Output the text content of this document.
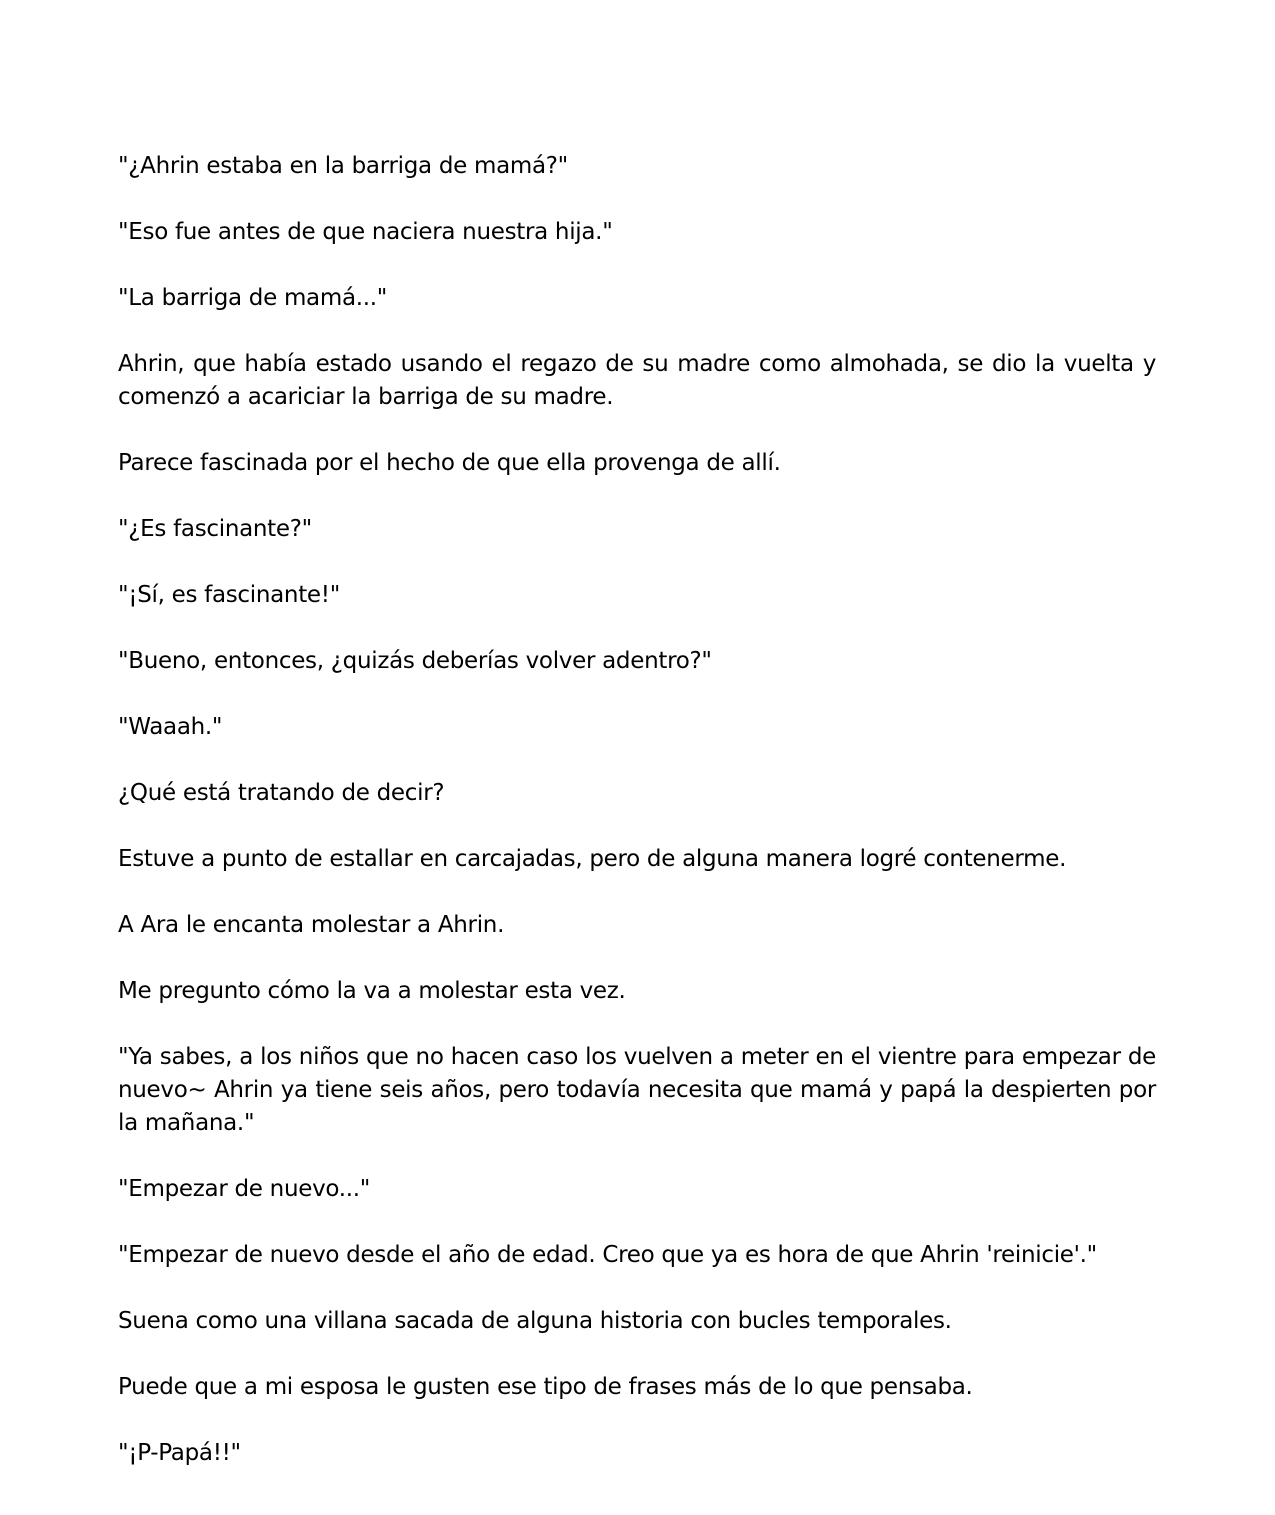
"¿Ahrin estaba en la barriga de mamá?"

"Eso fue antes de que naciera nuestra hija."

"La barriga de mamá..."

Ahrin, que había estado usando el regazo de su madre como almohada, se dio la vuelta y comenzó a acariciar la barriga de su madre.

Parece fascinada por el hecho de que ella provenga de allí.

"¿Es fascinante?"

"¡Sí, es fascinante!"

"Bueno, entonces, ¿quizás deberías volver adentro?"

"Waaah."

¿Qué está tratando de decir?

Estuve a punto de estallar en carcajadas, pero de alguna manera logré contenerme.

A Ara le encanta molestar a Ahrin.

Me pregunto cómo la va a molestar esta vez.

"Ya sabes, a los niños que no hacen caso los vuelven a meter en el vientre para empezar de nuevo~ Ahrin ya tiene seis años, pero todavía necesita que mamá y papá la despierten por la mañana."

"Empezar de nuevo..."

"Empezar de nuevo desde el año de edad. Creo que ya es hora de que Ahrin 'reinicie'."

Suena como una villana sacada de alguna historia con bucles temporales.

Puede que a mi esposa le gusten ese tipo de frases más de lo que pensaba.

"¡P-Papá!!"
